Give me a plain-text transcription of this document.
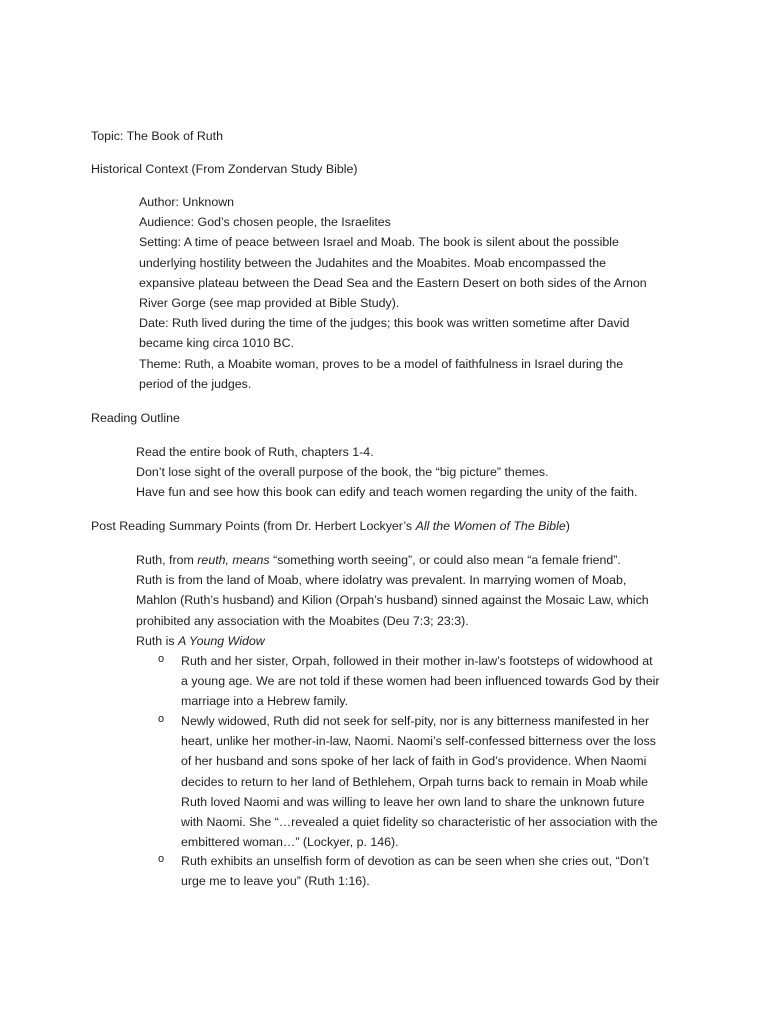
Topic: The Book of Ruth
Historical Context (From Zondervan Study Bible)
Author: Unknown
Audience: God’s chosen people, the Israelites
Setting: A time of peace between Israel and Moab. The book is silent about the possible
underlying hostility between the Judahites and the Moabites. Moab encompassed the
expansive plateau between the Dead Sea and the Eastern Desert on both sides of the Arnon
River Gorge (see map provided at Bible Study).
Date: Ruth lived during the time of the judges; this book was written sometime after David
became king circa 1010 BC.
Theme: Ruth, a Moabite woman, proves to be a model of faithfulness in Israel during the
period of the judges.
Reading Outline
Read the entire book of Ruth, chapters 1-4.
Don’t lose sight of the overall purpose of the book, the “big picture” themes.
Have fun and see how this book can edify and teach women regarding the unity of the faith.
Post Reading Summary Points (from Dr. Herbert Lockyer’s All the Women of The Bible)
Ruth, from reuth, means “something worth seeing”, or could also mean “a female friend”.
Ruth is from the land of Moab, where idolatry was prevalent. In marrying women of Moab,
Mahlon (Ruth’s husband) and Kilion (Orpah’s husband) sinned against the Mosaic Law, which
prohibited any association with the Moabites (Deu 7:3; 23:3).
Ruth is A Young Widow
o	Ruth and her sister, Orpah, followed in their mother in-law’s footsteps of widowhood at
a young age. We are not told if these women had been influenced towards God by their
marriage into a Hebrew family.
o	Newly widowed, Ruth did not seek for self-pity, nor is any bitterness manifested in her
heart, unlike her mother-in-law, Naomi. Naomi’s self-confessed bitterness over the loss
of her husband and sons spoke of her lack of faith in God’s providence. When Naomi
decides to return to her land of Bethlehem, Orpah turns back to remain in Moab while
Ruth loved Naomi and was willing to leave her own land to share the unknown future
with Naomi. She “…revealed a quiet fidelity so characteristic of her association with the
embittered woman…” (Lockyer, p. 146).
o	Ruth exhibits an unselfish form of devotion as can be seen when she cries out, “Don’t
urge me to leave you” (Ruth 1:16).
